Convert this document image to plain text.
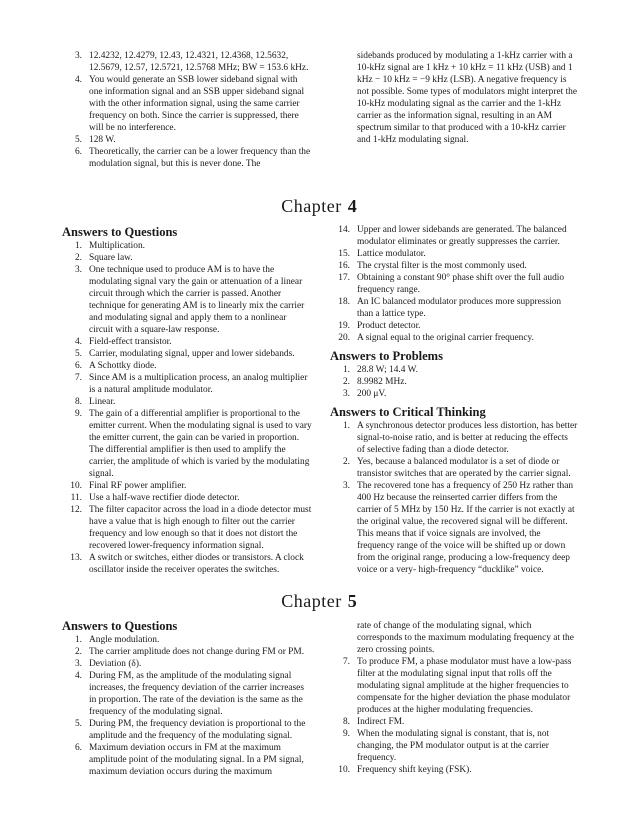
3. 12.4232, 12.4279, 12.43, 12.4321, 12.4368, 12.5632, 12.5679, 12.57, 12.5721, 12.5768 MHz; BW = 153.6 kHz.
4. You would generate an SSB lower sideband signal with one information signal and an SSB upper sideband signal with the other information signal, using the same carrier frequency on both. Since the carrier is suppressed, there will be no interference.
5. 128 W.
6. Theoretically, the carrier can be a lower frequency than the modulation signal, but this is never done. The
sidebands produced by modulating a 1-kHz carrier with a 10-kHz signal are 1 kHz + 10 kHz = 11 kHz (USB) and 1 kHz − 10 kHz = −9 kHz (LSB). A negative frequency is not possible. Some types of modulators might interpret the 10-kHz modulating signal as the carrier and the 1-kHz carrier as the information signal, resulting in an AM spectrum similar to that produced with a 10-kHz carrier and 1-kHz modulating signal.
Chapter 4
Answers to Questions
1. Multiplication.
2. Square law.
3. One technique used to produce AM is to have the modulating signal vary the gain or attenuation of a linear circuit through which the carrier is passed. Another technique for generating AM is to linearly mix the carrier and modulating signal and apply them to a nonlinear circuit with a square-law response.
4. Field-effect transistor.
5. Carrier, modulating signal, upper and lower sidebands.
6. A Schottky diode.
7. Since AM is a multiplication process, an analog multiplier is a natural amplitude modulator.
8. Linear.
9. The gain of a differential amplifier is proportional to the emitter current. When the modulating signal is used to vary the emitter current, the gain can be varied in proportion. The differential amplifier is then used to amplify the carrier, the amplitude of which is varied by the modulating signal.
10. Final RF power amplifier.
11. Use a half-wave rectifier diode detector.
12. The filter capacitor across the load in a diode detector must have a value that is high enough to filter out the carrier frequency and low enough so that it does not distort the recovered lower-frequency information signal.
13. A switch or switches, either diodes or transistors. A clock oscillator inside the receiver operates the switches.
14. Upper and lower sidebands are generated. The balanced modulator eliminates or greatly suppresses the carrier.
15. Lattice modulator.
16. The crystal filter is the most commonly used.
17. Obtaining a constant 90° phase shift over the full audio frequency range.
18. An IC balanced modulator produces more suppression than a lattice type.
19. Product detector.
20. A signal equal to the original carrier frequency.
Answers to Problems
1. 28.8 W; 14.4 W.
2. 8.9982 MHz.
3. 200 μV.
Answers to Critical Thinking
1. A synchronous detector produces less distortion, has better signal-to-noise ratio, and is better at reducing the effects of selective fading than a diode detector.
2. Yes, because a balanced modulator is a set of diode or transistor switches that are operated by the carrier signal.
3. The recovered tone has a frequency of 250 Hz rather than 400 Hz because the reinserted carrier differs from the carrier of 5 MHz by 150 Hz. If the carrier is not exactly at the original value, the recovered signal will be different. This means that if voice signals are involved, the frequency range of the voice will be shifted up or down from the original range, producing a low-frequency deep voice or a very- high-frequency “ducklike” voice.
Chapter 5
Answers to Questions
1. Angle modulation.
2. The carrier amplitude does not change during FM or PM.
3. Deviation (δ).
4. During FM, as the amplitude of the modulating signal increases, the frequency deviation of the carrier increases in proportion. The rate of the deviation is the same as the frequency of the modulating signal.
5. During PM, the frequency deviation is proportional to the amplitude and the frequency of the modulating signal.
6. Maximum deviation occurs in FM at the maximum amplitude point of the modulating signal. In a PM signal, maximum deviation occurs during the maximum
rate of change of the modulating signal, which corresponds to the maximum modulating frequency at the zero crossing points.
7. To produce FM, a phase modulator must have a low-pass filter at the modulating signal input that rolls off the modulating signal amplitude at the higher frequencies to compensate for the higher deviation the phase modulator produces at the higher modulating frequencies.
8. Indirect FM.
9. When the modulating signal is constant, that is, not changing, the PM modulator output is at the carrier frequency.
10. Frequency shift keying (FSK).
